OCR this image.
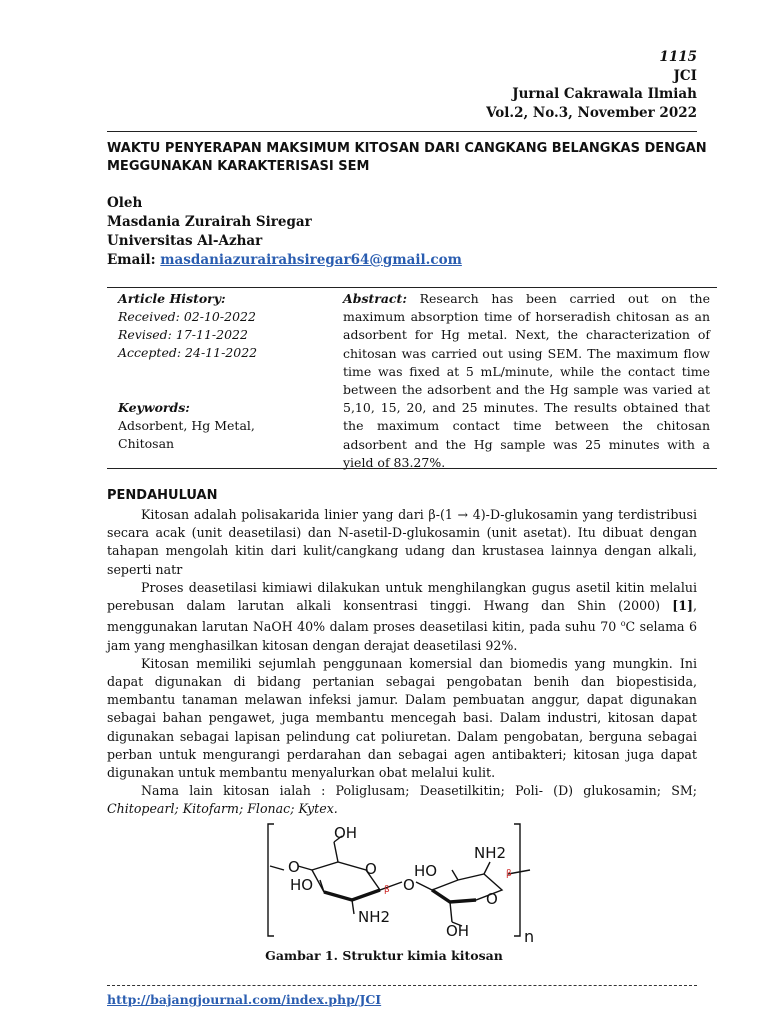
1115
JCI
Jurnal Cakrawala Ilmiah
Vol.2, No.3, November 2022
WAKTU PENYERAPAN MAKSIMUM KITOSAN DARI CANGKANG BELANGKAS DENGAN MEGGUNAKAN KARAKTERISASI SEM
Oleh
Masdania Zurairah Siregar
Universitas Al-Azhar
Email: masdaniazurairahsiregar64@gmail.com
Article History:
Received: 02-10-2022
Revised: 17-11-2022
Accepted: 24-11-2022
Keywords:
Adsorbent, Hg Metal,
Chitosan
Abstract: Research has been carried out on the maximum absorption time of horseradish chitosan as an adsorbent for Hg metal. Next, the characterization of chitosan was carried out using SEM. The maximum flow time was fixed at 5 mL/minute, while the contact time between the adsorbent and the Hg sample was varied at 5,10, 15, 20, and 25 minutes. The results obtained that the maximum contact time between the chitosan adsorbent and the Hg sample was 25 minutes with a yield of 83.27%.
PENDAHULUAN

Kitosan adalah polisakarida linier yang dari β-(1 → 4)-D-glukosamin yang terdistribusi secara acak (unit deasetilasi) dan N-asetil-D-glukosamin (unit asetat). Itu dibuat dengan tahapan mengolah kitin dari kulit/cangkang udang dan krustasea lainnya dengan alkali, seperti natr

Proses deasetilasi kimiawi dilakukan untuk menghilangkan gugus asetil kitin melalui perebusan dalam larutan alkali konsentrasi tinggi. Hwang dan Shin (2000) [1], menggunakan larutan NaOH 40% dalam proses deasetilasi kitin, pada suhu 70 $^o$C selama 6 jam yang menghasilkan kitosan dengan derajat deasetilasi 92%.

Kitosan memiliki sejumlah penggunaan komersial dan biomedis yang mungkin. Ini dapat digunakan di bidang pertanian sebagai pengobatan benih dan biopestisida, membantu tanaman melawan infeksi jamur. Dalam pembuatan anggur, dapat digunakan sebagai bahan pengawet, juga membantu mencegah basi. Dalam industri, kitosan dapat digunakan sebagai lapisan pelindung cat poliuretan. Dalam pengobatan, berguna sebagai perban untuk mengurangi perdarahan dan sebagai agen antibakteri; kitosan juga dapat digunakan untuk membantu menyalurkan obat melalui kulit.

Nama lain kitosan ialah : Poliglusam; Deasetilkitin; Poli- (D) glukosamin; SM; Chitopearl; Kitofarm; Flonac; Kytex.

OH
O
HO
NH2
β O
HO
NH2
β
O
OH
O
n
Gambar 1. Struktur kimia kitosan
http://bajangjournal.com/index.php/JCI
